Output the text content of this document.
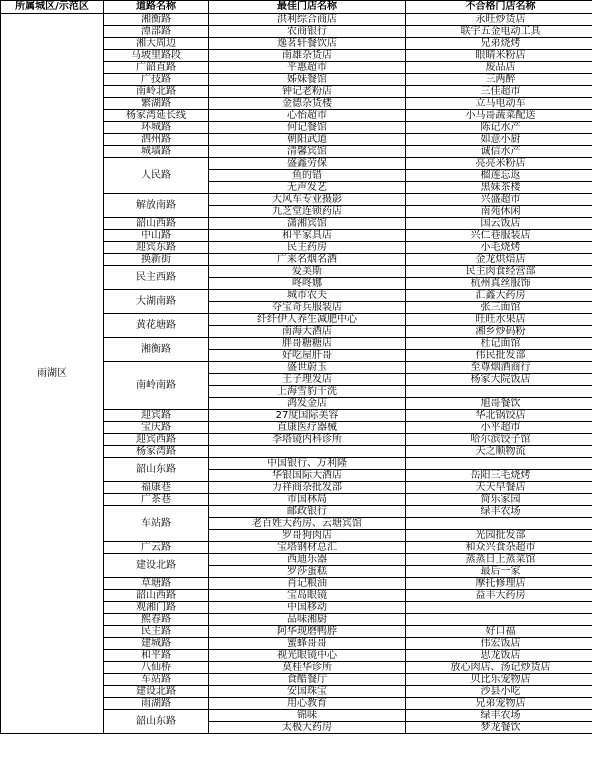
所属城区/示范区	道路名称	最佳门店名称	不合格门店名称
雨湖区	湘衡路	洪利综合商店	永旺炒货店
	潭部路	农商银行	联宇五金电动工具
	湘大周边	逸茗轩餐饮店	兄弟烧烤
	马坡里路段	南雄杂货店	眼睛米粉店
	广韶直路	平惠超市	废品店
	广技路	姊妹餐馆	三两醉
	南岭北路	钟记老粉店	三佳超市
	繁湖路	金德杂货楼	立马电动车
	杨家湾延长线	心怡超市	小马哥蔬菜配送
	环城路	何记餐馆	陈记水产
	泗州路	朝阳武道	如意小厨
	城墙路	清馨宾馆	诚信水产
	人民路	盛鑫劳保	亮亮米粉店
		鱼的错	榴莲忘返
		无声发艺	黑妹茶楼
	解放南路	大风车专业摄影	兴盛超市
		九芝堂连锁药店	南苑休闲
	韶山西路	潇湘宾馆	国云饭店
	中山路	和平家具店	兴仁巷服装店
	迎宾东路	民主药房	小毛烧烤
	换新街	广来名烟名酒	金龙烘焙店
	民主西路	爱美斯	民主肉食经营部
		咚咚娜	杭州真丝服饰
	大湖南路	城市农夫	汇鑫大药房
		夺宝奇兵服装店	张三面馆
	黄花塘路	纤纤伊人养生减肥中心	旺旺水果店
		南海大酒店	湘乡炒码粉
	湘衡路	胖哥糖糖店	杜记面馆
		好吃屋肝哥	伟民批发部
	南岭南路	盛世蔚玉	至尊烟酒商行
		王子理发店	杨家大院饭店
		上海雪豹干洗	
		鸿发金店	旭哥餐饮
	迎宾路	27度国际美容	华北锅饺店
	宝庆路	直康医疗器械	小平超市
	迎宾西路	李塔镜内科诊所	哈尔滨饺子馆
	杨家湾路		天之顺物流
	韶山东路	中国银行、万利隆	
		华银国际大酒店	岳阳三毛烧烤
	福康巷	力祥商杂批发部	天天早餐店
	广茶巷	市国林局	简乐家园
	车站路	邮政银行	绿丰农场
		老百姓大药房、云塘宾馆	
		罗哥狗肉店	光园批发部
	广云路	宝塔钢材总汇	和众兴食杂超市
	建设北路	西迪乐器	蒸蒸日上蒸菜馆
		罗莎蛋糕	最后一家
	草塘路	肖记粮油	摩托修理店
	韶山西路	宝岛眼镜	益丰大药房
	观湘门路	中国移动	
	熙春路	品味湘厨	
	民主路	阿华现磨鸭脖	好口福
	建城路	蜜蜂哥哥	伟宏饭店
	和平路	视光眼镜中心	思龙饭店
	八仙桥	莫桂华诊所	放心肉店、汤记炒货店
	车站路	食酷餐厅	贝比乐宠物店
	建设北路	安国珠宝	沙县小吃
	雨湖路	用心教育	兄弟宠物店
	韶山东路	锦味	绿丰农场
		太极大药房	梦龙餐饮
